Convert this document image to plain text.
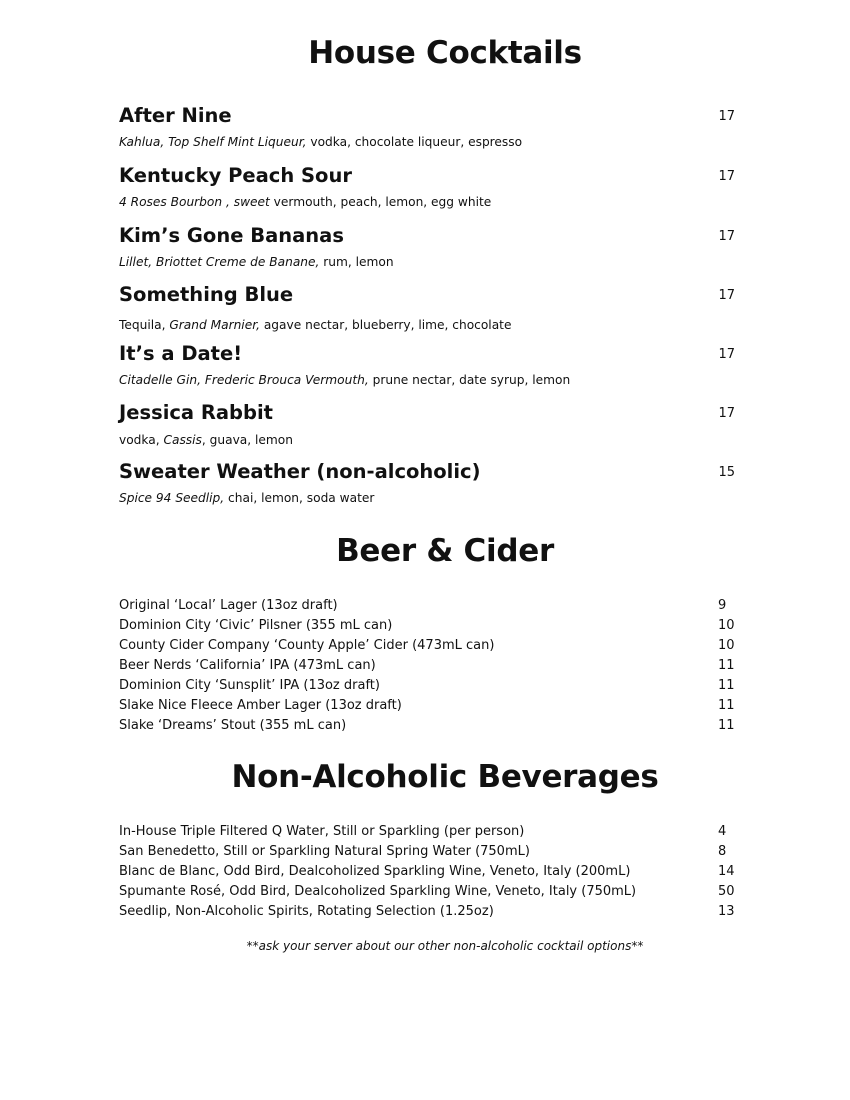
House Cocktails
After Nine	17
Kahlua, Top Shelf Mint Liqueur, vodka, chocolate liqueur, espresso
Kentucky Peach Sour	17
4 Roses Bourbon , sweet vermouth, peach, lemon, egg white
Kim’s Gone Bananas	17
Lillet, Briottet Creme de Banane, rum, lemon
Something Blue	17
Tequila, Grand Marnier, agave nectar, blueberry, lime, chocolate
It’s a Date!	17
Citadelle Gin, Frederic Brouca Vermouth, prune nectar, date syrup, lemon
Jessica Rabbit	17
vodka, Cassis, guava, lemon
Sweater Weather (non-alcoholic)	15
Spice 94 Seedlip, chai, lemon, soda water
Beer & Cider
Original ‘Local’ Lager (13oz draft)	9
Dominion City ‘Civic’ Pilsner (355 mL can)	10
County Cider Company ‘County Apple’ Cider (473mL can)	10
Beer Nerds ‘California’ IPA (473mL can)	11
Dominion City ‘Sunsplit’ IPA (13oz draft)	11
Slake Nice Fleece Amber Lager (13oz draft)	11
Slake ‘Dreams’ Stout (355 mL can)	11
Non-Alcoholic Beverages
In-House Triple Filtered Q Water, Still or Sparkling (per person)	4
San Benedetto, Still or Sparkling Natural Spring Water (750mL)	8
Blanc de Blanc, Odd Bird, Dealcoholized Sparkling Wine, Veneto, Italy (200mL)	14
Spumante Rosé, Odd Bird, Dealcoholized Sparkling Wine, Veneto, Italy (750mL)	50
Seedlip, Non-Alcoholic Spirits, Rotating Selection (1.25oz)	13
**ask your server about our other non-alcoholic cocktail options**
